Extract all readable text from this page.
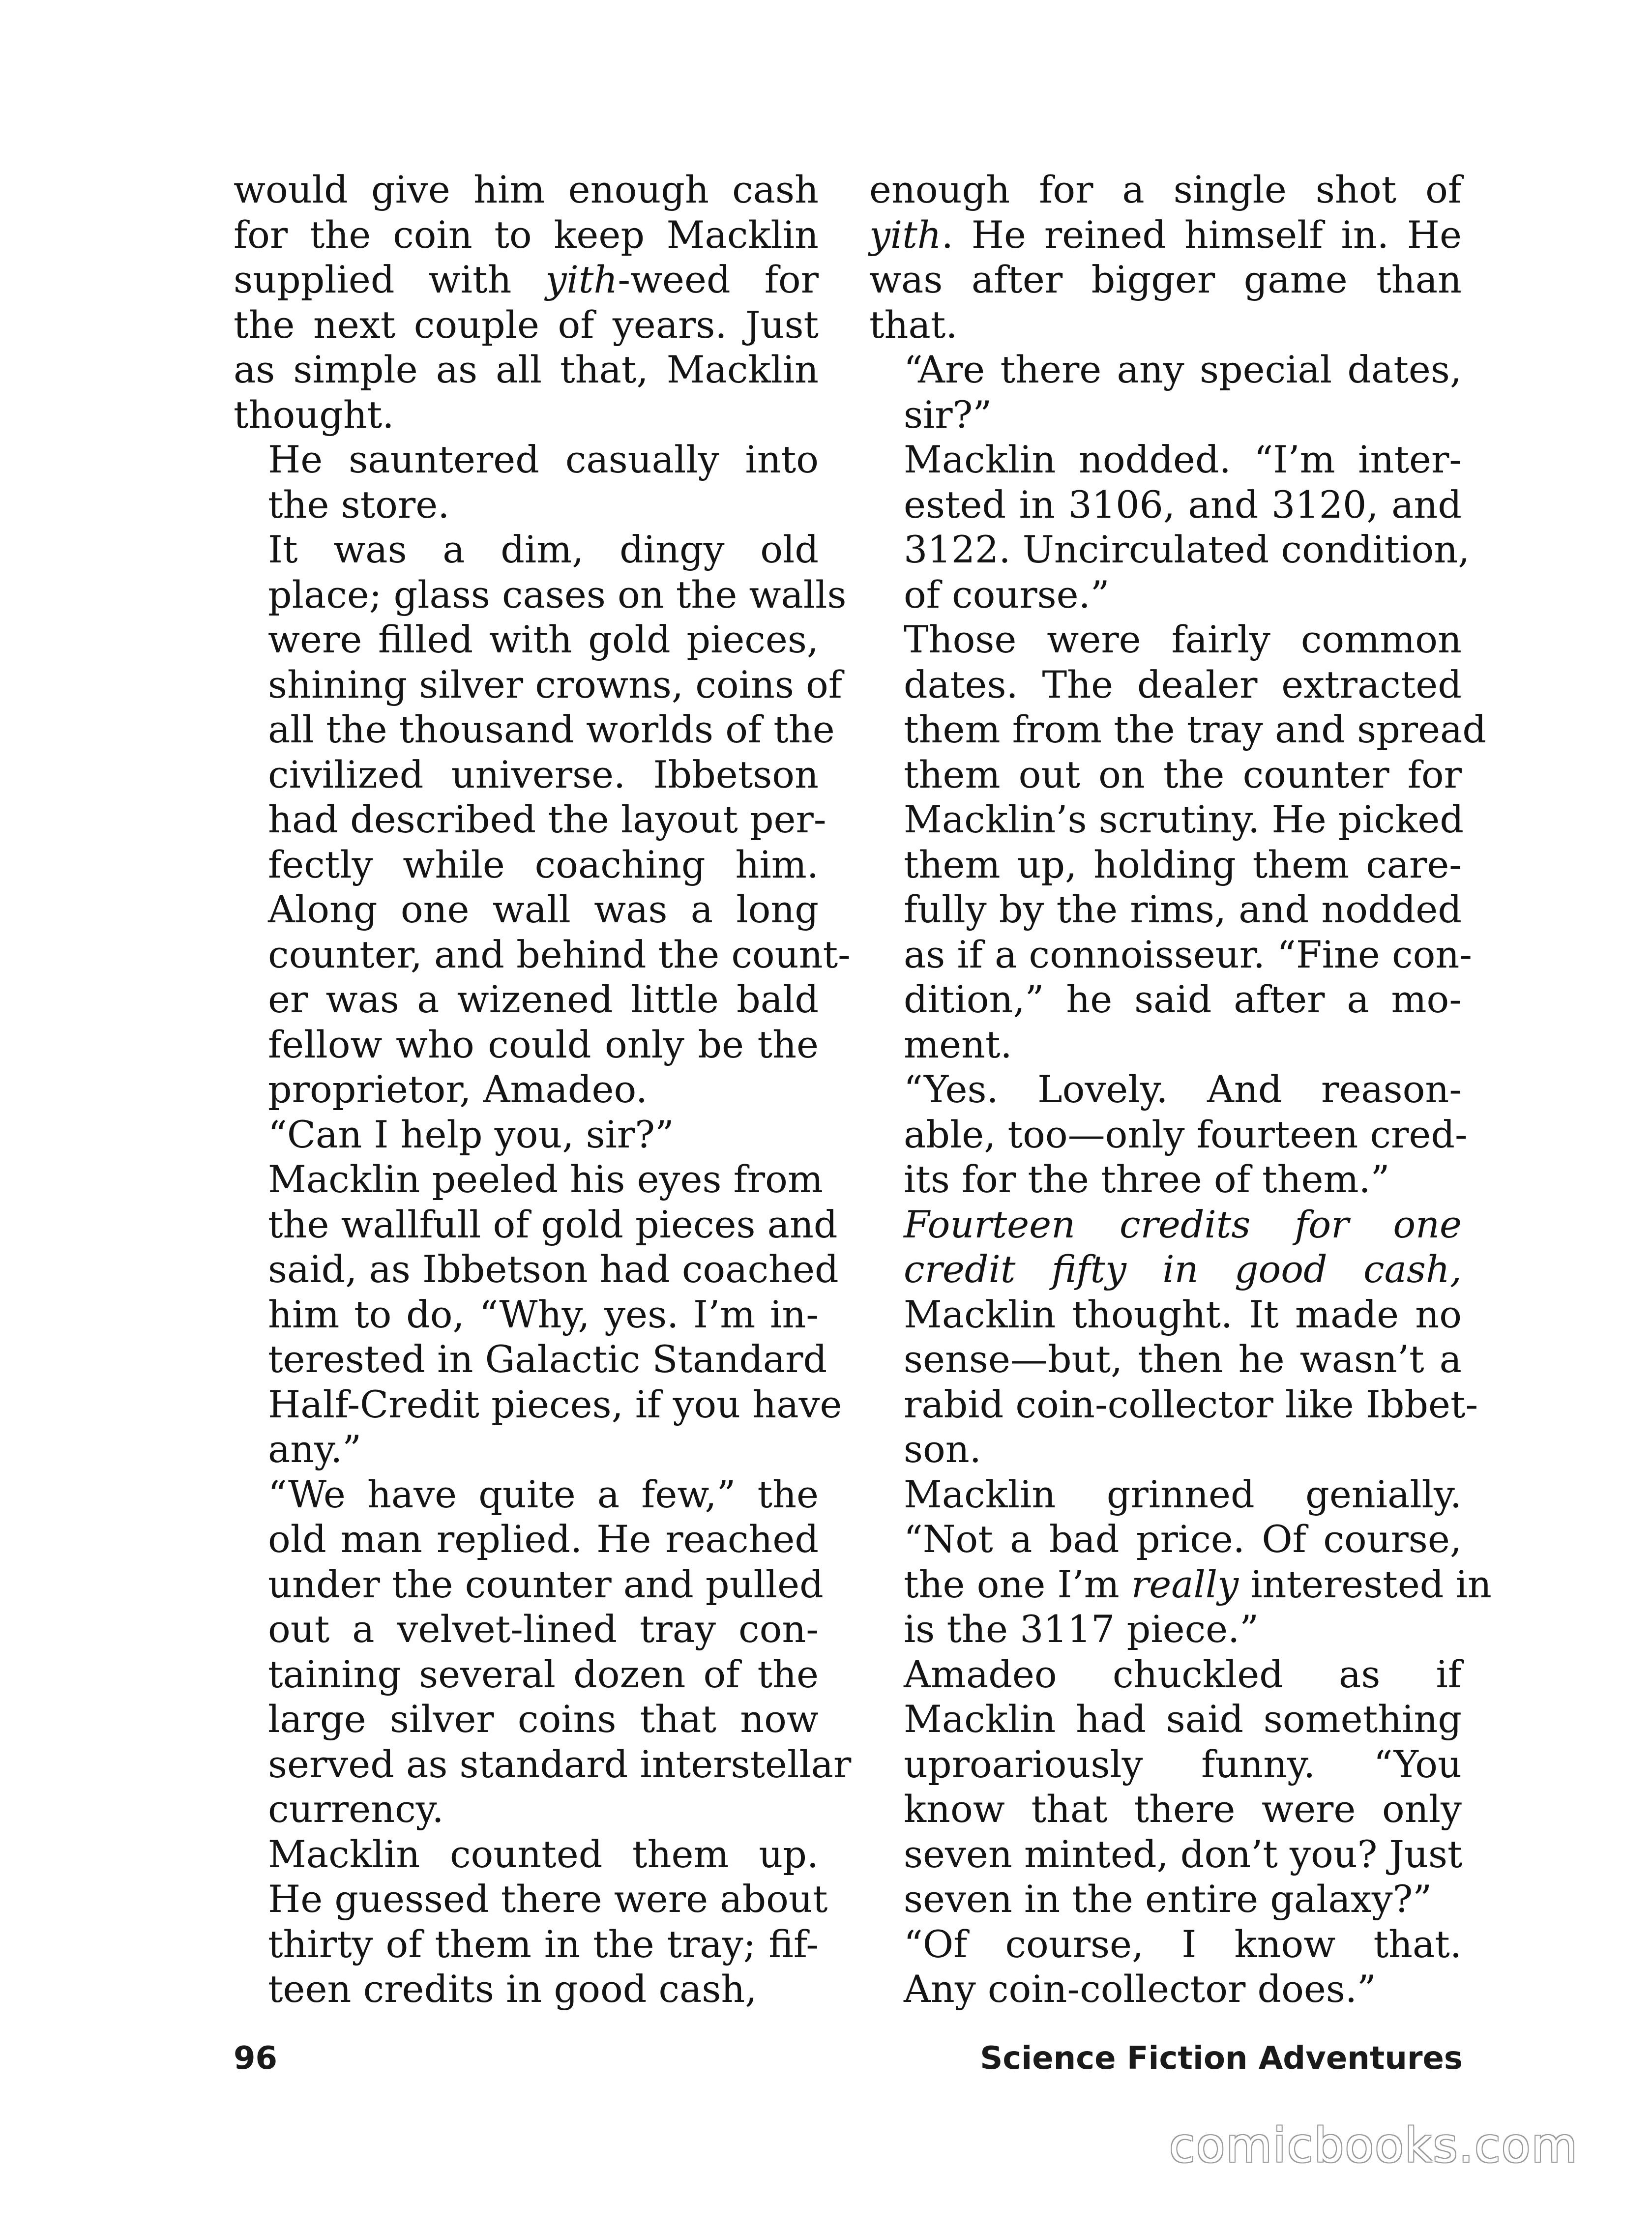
would give him enough cash
for the coin to keep Macklin
supplied with yith-weed for
the next couple of years. Just
as simple as all that, Macklin
thought.
He sauntered casually into
the store.
It was a dim, dingy old
place; glass cases on the walls
were filled with gold pieces,
shining silver crowns, coins of
all the thousand worlds of the
civilized universe. Ibbetson
had described the layout per-
fectly while coaching him.
Along one wall was a long
counter, and behind the count-
er was a wizened little bald
fellow who could only be the
proprietor, Amadeo.
“Can I help you, sir?”
Macklin peeled his eyes from
the wallfull of gold pieces and
said, as Ibbetson had coached
him to do, “Why, yes. I’m in-
terested in Galactic Standard
Half-Credit pieces, if you have
any.”
“We have quite a few,” the
old man replied. He reached
under the counter and pulled
out a velvet-lined tray con-
taining several dozen of the
large silver coins that now
served as standard interstellar
currency.
Macklin counted them up.
He guessed there were about
thirty of them in the tray; fif-
teen credits in good cash,
enough for a single shot of
yith. He reined himself in. He
was after bigger game than
that.
“Are there any special dates,
sir?”
Macklin nodded. “I’m inter-
ested in 3106, and 3120, and
3122. Uncirculated condition,
of course.”
Those were fairly common
dates. The dealer extracted
them from the tray and spread
them out on the counter for
Macklin’s scrutiny. He picked
them up, holding them care-
fully by the rims, and nodded
as if a connoisseur. “Fine con-
dition,” he said after a mo-
ment.
“Yes. Lovely. And reason-
able, too—only fourteen cred-
its for the three of them.”
Fourteen credits for one
credit fifty in good cash,
Macklin thought. It made no
sense—but, then he wasn’t a
rabid coin-collector like Ibbet-
son.
Macklin grinned genially.
“Not a bad price. Of course,
the one I’m really interested in
is the 3117 piece.”
Amadeo chuckled as if
Macklin had said something
uproariously funny. “You
know that there were only
seven minted, don’t you? Just
seven in the entire galaxy?”
“Of course, I know that.
Any coin-collector does.”
96	Science Fiction Adventures
comicbooks.com
